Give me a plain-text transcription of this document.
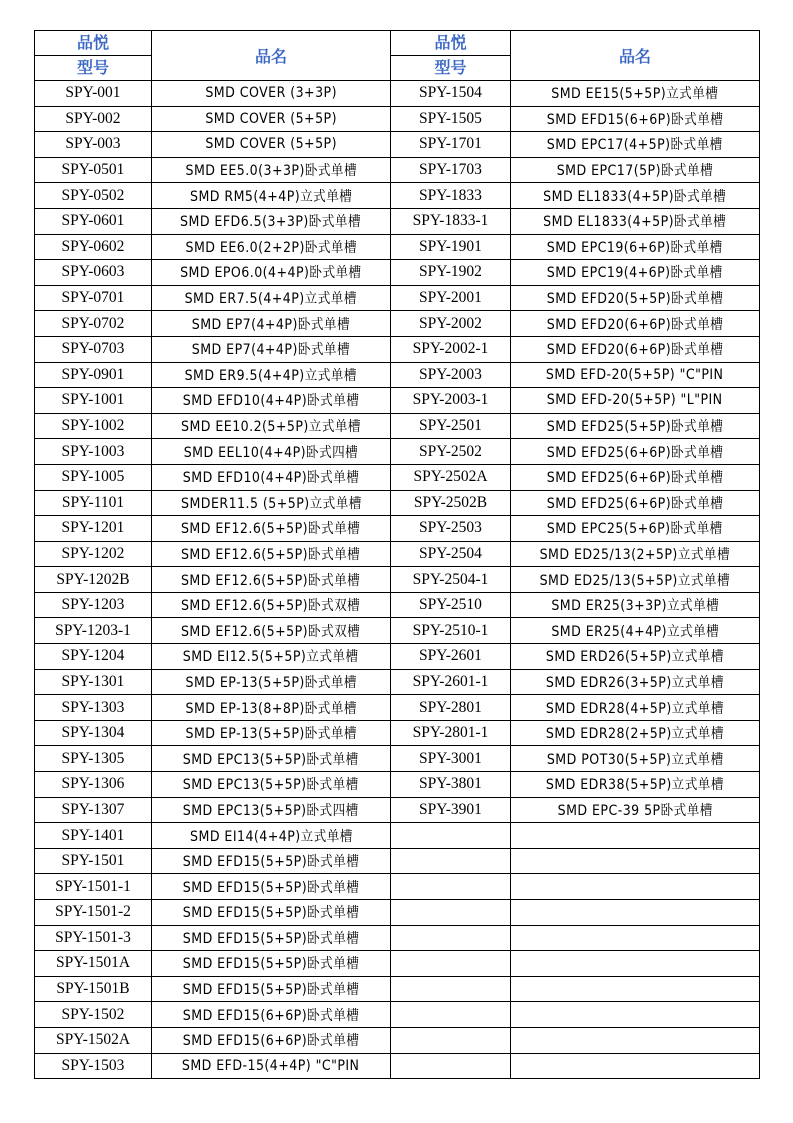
品悦	品名	品悦	品名
型号		型号	
SPY-001	SMD COVER (3+3P)	SPY-1504	SMD EE15(5+5P)立式单槽
SPY-002	SMD COVER (5+5P)	SPY-1505	SMD EFD15(6+6P)卧式单槽
SPY-003	SMD COVER (5+5P)	SPY-1701	SMD EPC17(4+5P)卧式单槽
SPY-0501	SMD EE5.0(3+3P)卧式单槽	SPY-1703	SMD EPC17(5P)卧式单槽
SPY-0502	SMD RM5(4+4P)立式单槽	SPY-1833	SMD EL1833(4+5P)卧式单槽
SPY-0601	SMD EFD6.5(3+3P)卧式单槽	SPY-1833-1	SMD EL1833(4+5P)卧式单槽
SPY-0602	SMD EE6.0(2+2P)卧式单槽	SPY-1901	SMD EPC19(6+6P)卧式单槽
SPY-0603	SMD EPO6.0(4+4P)卧式单槽	SPY-1902	SMD EPC19(4+6P)卧式单槽
SPY-0701	SMD ER7.5(4+4P)立式单槽	SPY-2001	SMD EFD20(5+5P)卧式单槽
SPY-0702	SMD EP7(4+4P)卧式单槽	SPY-2002	SMD EFD20(6+6P)卧式单槽
SPY-0703	SMD EP7(4+4P)卧式单槽	SPY-2002-1	SMD EFD20(6+6P)卧式单槽
SPY-0901	SMD ER9.5(4+4P)立式单槽	SPY-2003	SMD EFD-20(5+5P) "C"PIN
SPY-1001	SMD EFD10(4+4P)卧式单槽	SPY-2003-1	SMD EFD-20(5+5P) "L"PIN
SPY-1002	SMD EE10.2(5+5P)立式单槽	SPY-2501	SMD EFD25(5+5P)卧式单槽
SPY-1003	SMD EEL10(4+4P)卧式四槽	SPY-2502	SMD EFD25(6+6P)卧式单槽
SPY-1005	SMD EFD10(4+4P)卧式单槽	SPY-2502A	SMD EFD25(6+6P)卧式单槽
SPY-1101	SMDER11.5 (5+5P)立式单槽	SPY-2502B	SMD EFD25(6+6P)卧式单槽
SPY-1201	SMD EF12.6(5+5P)卧式单槽	SPY-2503	SMD EPC25(5+6P)卧式单槽
SPY-1202	SMD EF12.6(5+5P)卧式单槽	SPY-2504	SMD ED25/13(2+5P)立式单槽
SPY-1202B	SMD EF12.6(5+5P)卧式单槽	SPY-2504-1	SMD ED25/13(5+5P)立式单槽
SPY-1203	SMD EF12.6(5+5P)卧式双槽	SPY-2510	SMD ER25(3+3P)立式单槽
SPY-1203-1	SMD EF12.6(5+5P)卧式双槽	SPY-2510-1	SMD ER25(4+4P)立式单槽
SPY-1204	SMD EI12.5(5+5P)立式单槽	SPY-2601	SMD ERD26(5+5P)立式单槽
SPY-1301	SMD EP-13(5+5P)卧式单槽	SPY-2601-1	SMD EDR26(3+5P)立式单槽
SPY-1303	SMD EP-13(8+8P)卧式单槽	SPY-2801	SMD EDR28(4+5P)立式单槽
SPY-1304	SMD EP-13(5+5P)卧式单槽	SPY-2801-1	SMD EDR28(2+5P)立式单槽
SPY-1305	SMD EPC13(5+5P)卧式单槽	SPY-3001	SMD POT30(5+5P)立式单槽
SPY-1306	SMD EPC13(5+5P)卧式单槽	SPY-3801	SMD EDR38(5+5P)立式单槽
SPY-1307	SMD EPC13(5+5P)卧式四槽	SPY-3901	SMD EPC-39 5P卧式单槽
SPY-1401	SMD EI14(4+4P)立式单槽		
SPY-1501	SMD EFD15(5+5P)卧式单槽		
SPY-1501-1	SMD EFD15(5+5P)卧式单槽		
SPY-1501-2	SMD EFD15(5+5P)卧式单槽		
SPY-1501-3	SMD EFD15(5+5P)卧式单槽		
SPY-1501A	SMD EFD15(5+5P)卧式单槽		
SPY-1501B	SMD EFD15(5+5P)卧式单槽		
SPY-1502	SMD EFD15(6+6P)卧式单槽		
SPY-1502A	SMD EFD15(6+6P)卧式单槽		
SPY-1503	SMD EFD-15(4+4P) "C"PIN		
